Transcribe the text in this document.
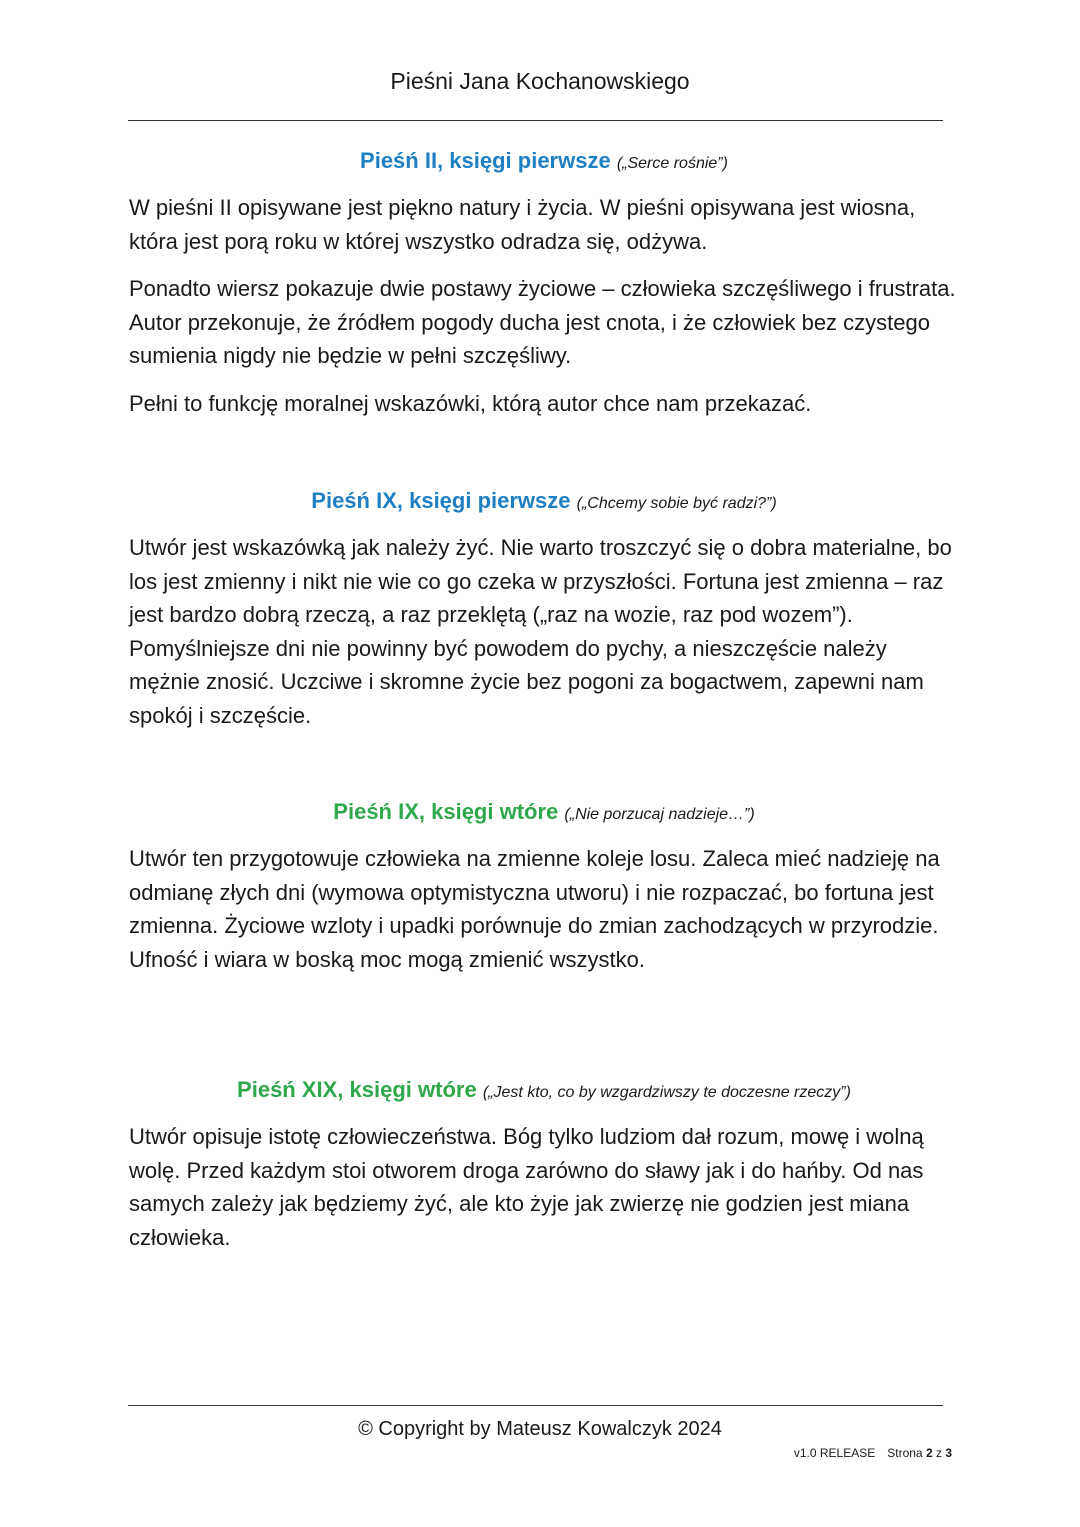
Pieśni Jana Kochanowskiego
Pieśń II, księgi pierwsze („Serce rośnie”)

W pieśni II opisywane jest piękno natury i życia. W pieśni opisywana jest wiosna, która jest porą roku w której wszystko odradza się, odżywa.

Ponadto wiersz pokazuje dwie postawy życiowe – człowieka szczęśliwego i frustrata. Autor przekonuje, że źródłem pogody ducha jest cnota, i że człowiek bez czystego sumienia nigdy nie będzie w pełni szczęśliwy.

Pełni to funkcję moralnej wskazówki, którą autor chce nam przekazać.

Pieśń IX, księgi pierwsze („Chcemy sobie być radzi?”)

Utwór jest wskazówką jak należy żyć. Nie warto troszczyć się o dobra materialne, bo los jest zmienny i nikt nie wie co go czeka w przyszłości. Fortuna jest zmienna – raz jest bardzo dobrą rzeczą, a raz przeklętą („raz na wozie, raz pod wozem”). Pomyślniejsze dni nie powinny być powodem do pychy, a nieszczęście należy mężnie znosić. Uczciwe i skromne życie bez pogoni za bogactwem, zapewni nam spokój i szczęście.

Pieśń IX, księgi wtóre („Nie porzucaj nadzieje…”)

Utwór ten przygotowuje człowieka na zmienne koleje losu. Zaleca mieć nadzieję na odmianę złych dni (wymowa optymistyczna utworu) i nie rozpaczać, bo fortuna jest zmienna. Życiowe wzloty i upadki porównuje do zmian zachodzących w przyrodzie. Ufność i wiara w boską moc mogą zmienić wszystko.

Pieśń XIX, księgi wtóre („Jest kto, co by wzgardziwszy te doczesne rzeczy”)

Utwór opisuje istotę człowieczeństwa. Bóg tylko ludziom dał rozum, mowę i wolną wolę. Przed każdym stoi otworem droga zarówno do sławy jak i do hańby. Od nas samych zależy jak będziemy żyć, ale kto żyje jak zwierzę nie godzien jest miana człowieka.

© Copyright by Mateusz Kowalczyk 2024
v1.0 RELEASE Strona 2 z 3
